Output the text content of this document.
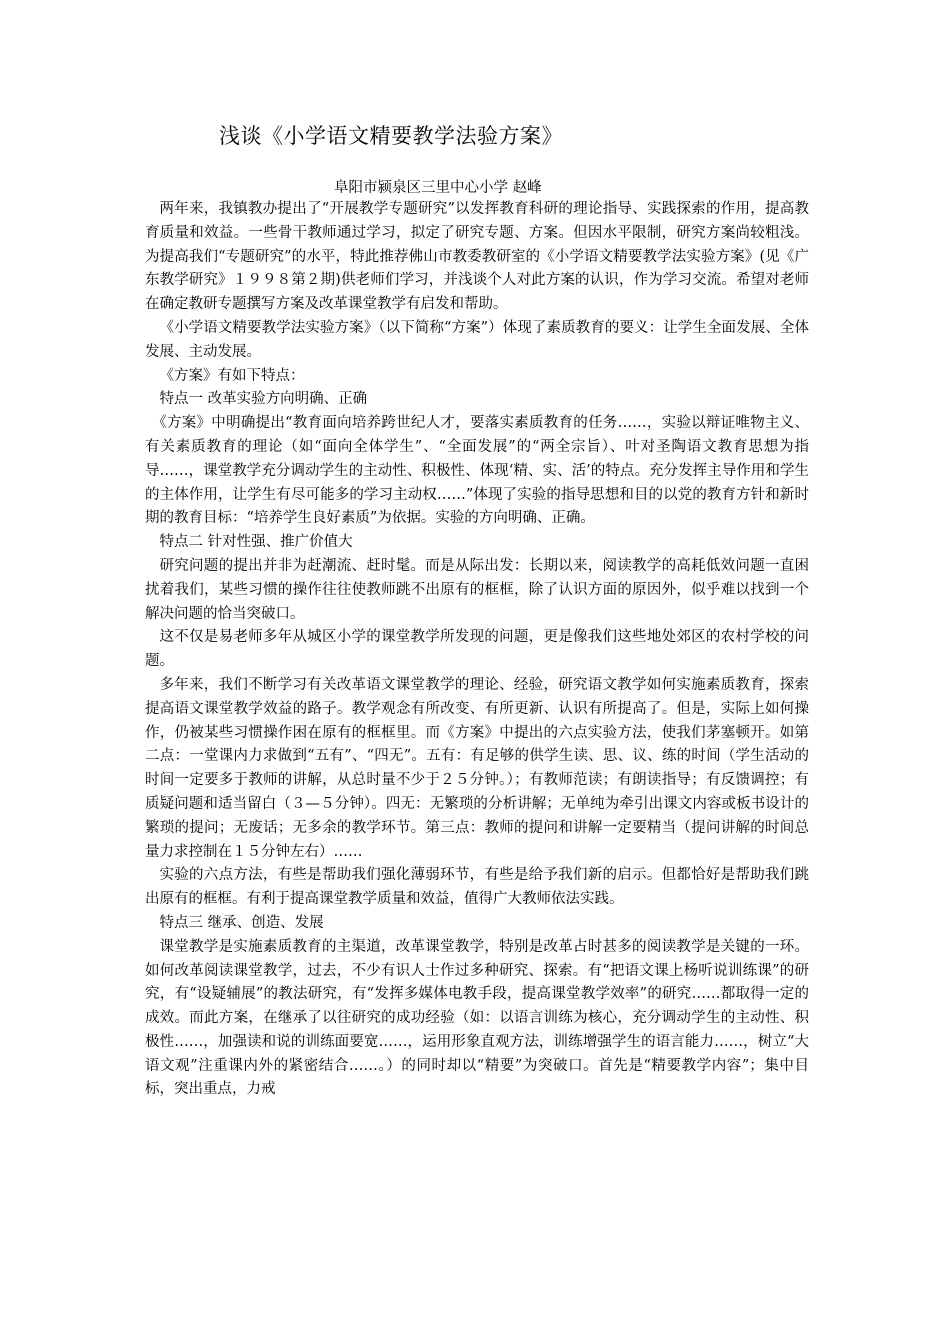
浅谈《小学语文精要教学法验方案》
阜阳市颍泉区三里中心小学 赵峰

两年来，我镇教办提出了“开展教学专题研究”以发挥教育科研的理论指导、实践探索的作用，提高教育质量和效益。一些骨干教师通过学习，拟定了研究专题、方案。但因水平限制，研究方案尚较粗浅。为提高我们“专题研究”的水平，特此推荐佛山市教委教研室的《小学语文精要教学法实验方案》(见《广东教学研究》１９９８第２期)供老师们学习，并浅谈个人对此方案的认识，作为学习交流。希望对老师在确定教研专题撰写方案及改革课堂教学有启发和帮助。

《小学语文精要教学法实验方案》（以下简称“方案”）体现了素质教育的要义：让学生全面发展、全体发展、主动发展。

《方案》有如下特点：

特点一 改革实验方向明确、正确

《方案》中明确提出“教育面向培养跨世纪人才，要落实素质教育的任务……，实验以辩证唯物主义、有关素质教育的理论（如“面向全体学生”、“全面发展”的“两全宗旨）、叶对圣陶语文教育思想为指导……，课堂教学充分调动学生的主动性、积极性、体现‘精、实、活’的特点。充分发挥主导作用和学生的主体作用，让学生有尽可能多的学习主动权……”体现了实验的指导思想和目的以党的教育方针和新时期的教育目标：“培养学生良好素质”为依据。实验的方向明确、正确。

特点二 针对性强、推广价值大

研究问题的提出并非为赶潮流、赶时髦。而是从际出发：长期以来，阅读教学的高耗低效问题一直困扰着我们，某些习惯的操作往往使教师跳不出原有的框框，除了认识方面的原因外，似乎难以找到一个解决问题的恰当突破口。

这不仅是易老师多年从城区小学的课堂教学所发现的问题，更是像我们这些地处郊区的农村学校的问题。

多年来，我们不断学习有关改革语文课堂教学的理论、经验，研究语文教学如何实施素质教育，探索提高语文课堂教学效益的路子。教学观念有所改变、有所更新、认识有所提高了。但是，实际上如何操作，仍被某些习惯操作困在原有的框框里。而《方案》中提出的六点实验方法，使我们茅塞顿开。如第二点：一堂课内力求做到“五有”、“四无”。五有：有足够的供学生读、思、议、练的时间（学生活动的时间一定要多于教师的讲解，从总时量不少于２５分钟。）；有教师范读；有朗读指导；有反馈调控；有质疑问题和适当留白（３—５分钟）。四无：无繁琐的分析讲解；无单纯为牵引出课文内容或板书设计的繁琐的提问；无废话；无多余的教学环节。第三点：教师的提问和讲解一定要精当（提问讲解的时间总量力求控制在１５分钟左右）……

实验的六点方法，有些是帮助我们强化薄弱环节，有些是给予我们新的启示。但都恰好是帮助我们跳出原有的框框。有利于提高课堂教学质量和效益，值得广大教师依法实践。

特点三 继承、创造、发展

课堂教学是实施素质教育的主渠道，改革课堂教学，特别是改革占时甚多的阅读教学是关键的一环。如何改革阅读课堂教学，过去，不少有识人士作过多种研究、探索。有“把语文课上杨听说训练课”的研究，有“设疑辅展”的教法研究，有“发挥多媒体电教手段，提高课堂教学效率”的研究……都取得一定的成效。而此方案，在继承了以往研究的成功经验（如：以语言训练为核心，充分调动学生的主动性、积极性……，加强读和说的训练面要宽……，运用形象直观方法，训练增强学生的语言能力……，树立“大语文观”注重课内外的紧密结合……。）的同时却以“精要”为突破口。首先是“精要教学内容”；集中目标，突出重点，力戒
